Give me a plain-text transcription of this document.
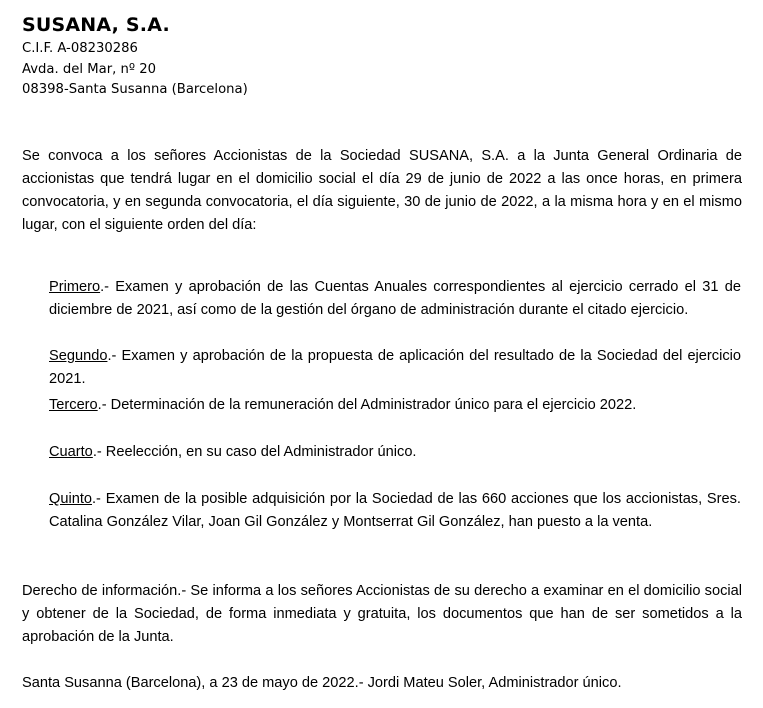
SUSANA, S.A.
C.I.F. A-08230286
Avda. del Mar, nº 20
08398-Santa Susanna (Barcelona)

Se convoca a los señores Accionistas de la Sociedad SUSANA, S.A. a la Junta General Ordinaria de accionistas que tendrá lugar en el domicilio social el día 29 de junio de 2022 a las once horas, en primera convocatoria, y en segunda convocatoria, el día siguiente, 30 de junio de 2022, a la misma hora y en el mismo lugar, con el siguiente orden del día:

Primero.- Examen y aprobación de las Cuentas Anuales correspondientes al ejercicio cerrado el 31 de diciembre de 2021, así como de la gestión del órgano de administración durante el citado ejercicio.

Segundo.- Examen y aprobación de la propuesta de aplicación del resultado de la Sociedad del ejercicio 2021.

Tercero.- Determinación de la remuneración del Administrador único para el ejercicio 2022.

Cuarto.- Reelección, en su caso del Administrador único.

Quinto.- Examen de la posible adquisición por la Sociedad de las 660 acciones que los accionistas, Sres. Catalina González Vilar, Joan Gil González y Montserrat Gil González, han puesto a la venta.

Derecho de información.- Se informa a los señores Accionistas de su derecho a examinar en el domicilio social y obtener de la Sociedad, de forma inmediata y gratuita, los documentos que han de ser sometidos a la aprobación de la Junta.

Santa Susanna (Barcelona), a 23 de mayo de 2022.- Jordi Mateu Soler, Administrador único.
